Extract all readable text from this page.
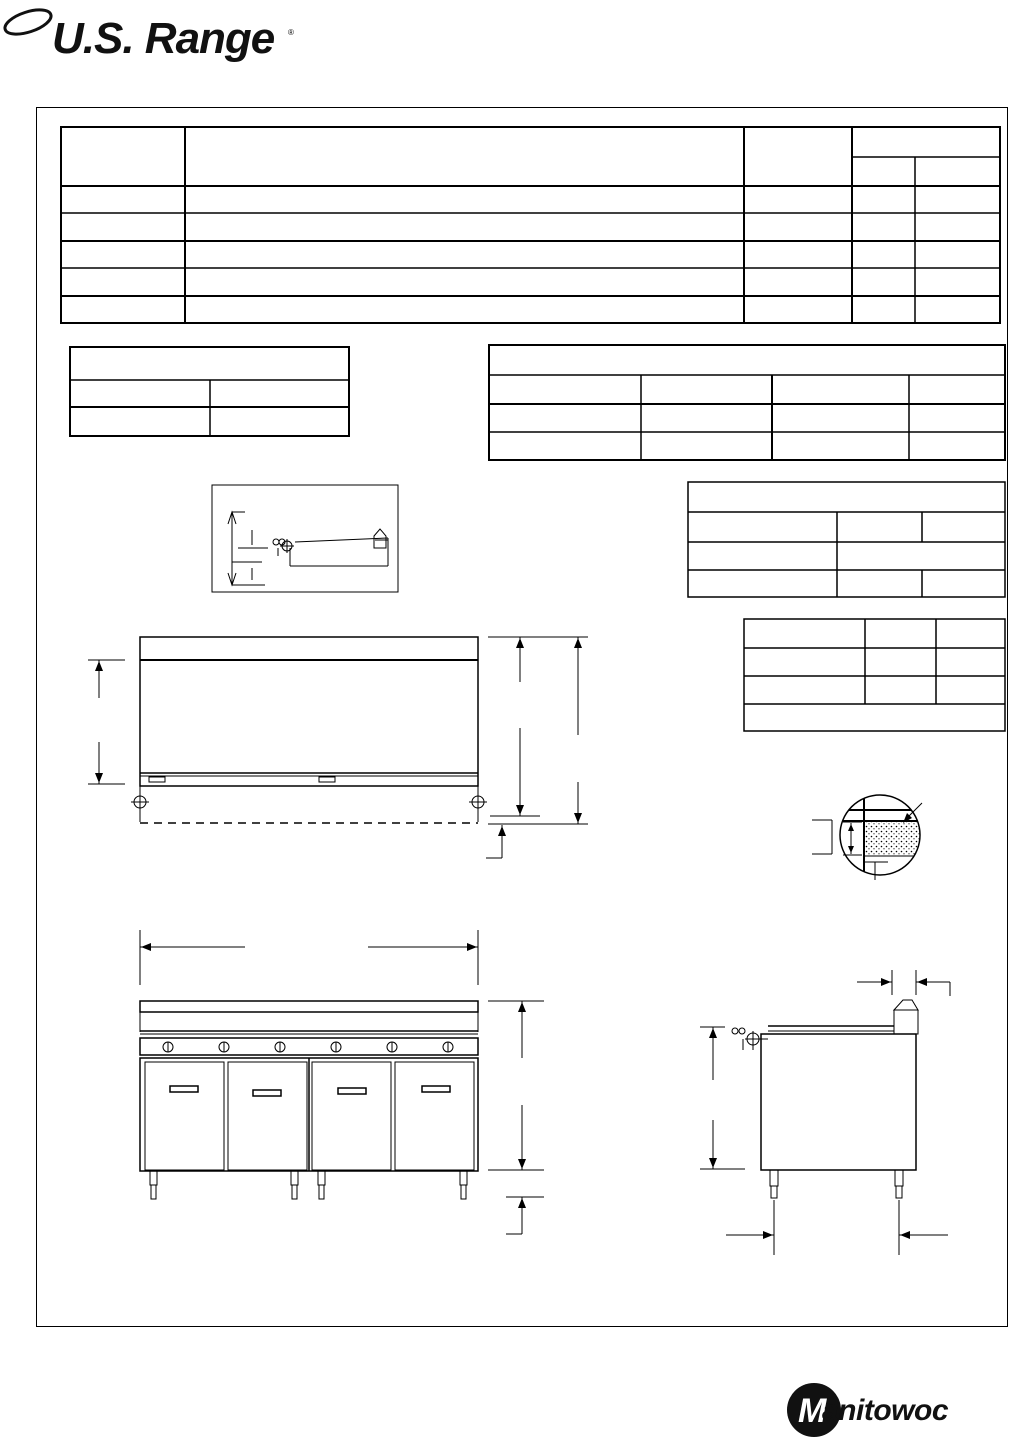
U.S. Range ®
M
anitowoc
